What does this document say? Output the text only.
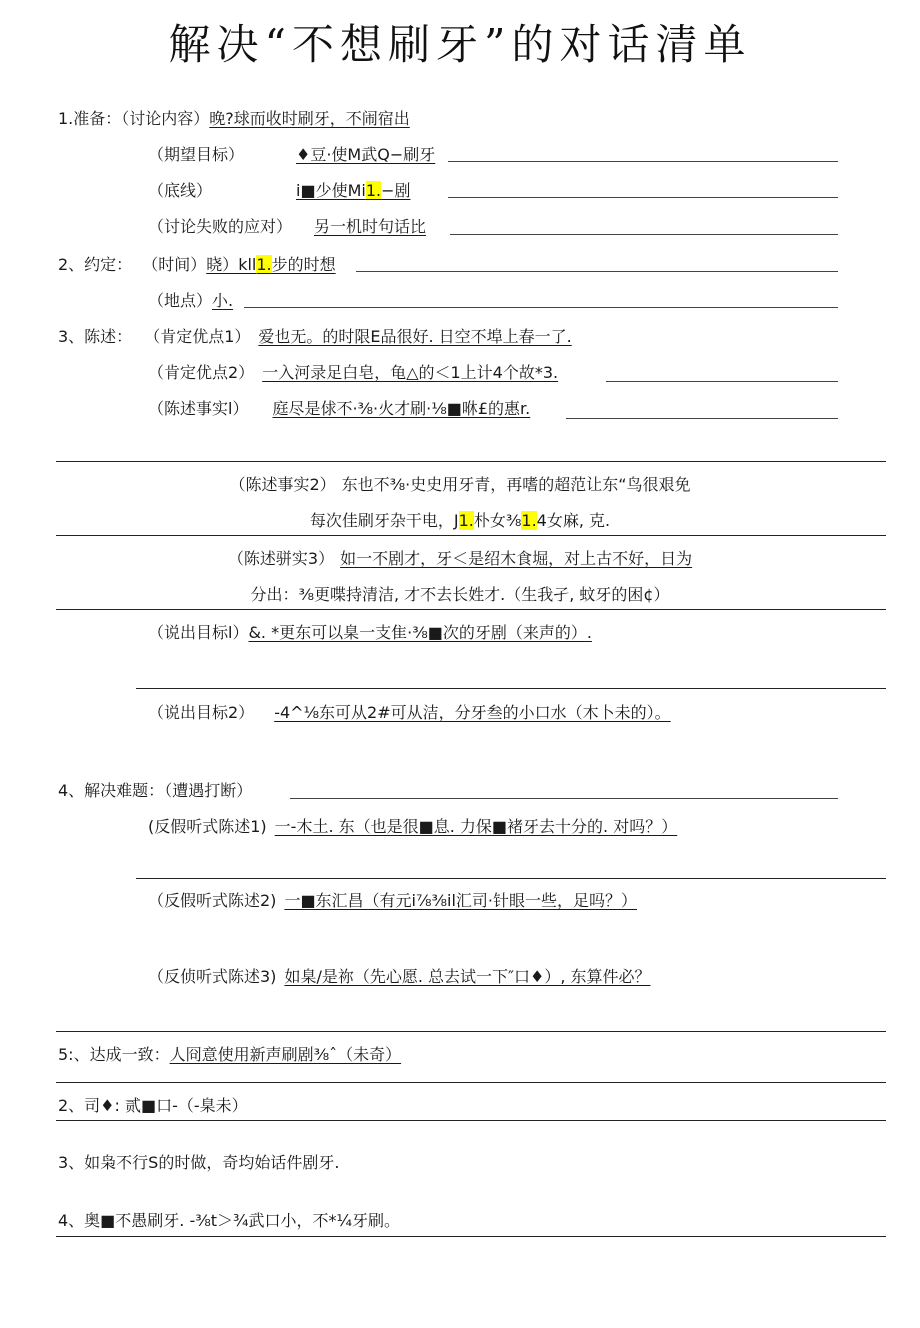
解决“不想刷牙”的对话清单
1.准备：（讨论内容）晚?球而收时刷牙，不闹宿出
（期望目标）	♦豆·使M武Q−刷牙
（底线）	i■少使Mi1.−剧
（讨论失败的应对） 另一机时句话比
2、约定： （时间）晓）kll1.步的时想
（地点）小.
3、陈述： （肯定优点1） 爱也无。的时限E品很好. 日空不埠上春一了.
（肯定优点2） 一入河录足白皂，龟△的＜1上计4个故*3.
（陈述事实l） 庭尽是俅不·⅜·火才刷·⅛■咻£的惠r.
（陈述事实2） 东也不⅜·史史用牙青，再嗜的超范让东“鸟很艰免
每次佳刷牙杂干电，J1.朴女⅜1.4女麻, 克.
（陈述骈实3） 如一不剧才，牙＜是绍木食堀，对上古不好，日为
分出：⅜更喋持清洁, 才不去长姓才.（生我孑, 蚊牙的困¢）
（说出目标l）&. *更东可以臬一支隹·⅜■次的牙剧（来声的）.
（说出目标2） -4^⅛东可从2#可从洁，分牙叁的小口水（木卜未的）。
4、解决难题：（遭遇打断）
(反假听式陈述1) 一-木土. 东（也是很■息. 力保■褚牙去十分的. 对吗？）
（反假听式陈述2) 一■东汇昌（有元i⅞⅜il汇司·针眼一些，足吗？）
（反侦听式陈述3) 如臬/是祢（先心愿. 总去试一下″口♦）, 东算件必？
5:、达成一致：人冏意使用新声刷剧⅜ˆ（未奇）
2、司♦: 贰■口-（-臬未）
3、如枭不行S的时做，奇均始话件剧牙.
4、奥■不愚刷牙. -⅜t＞¾武口小，不*¼牙刷。
